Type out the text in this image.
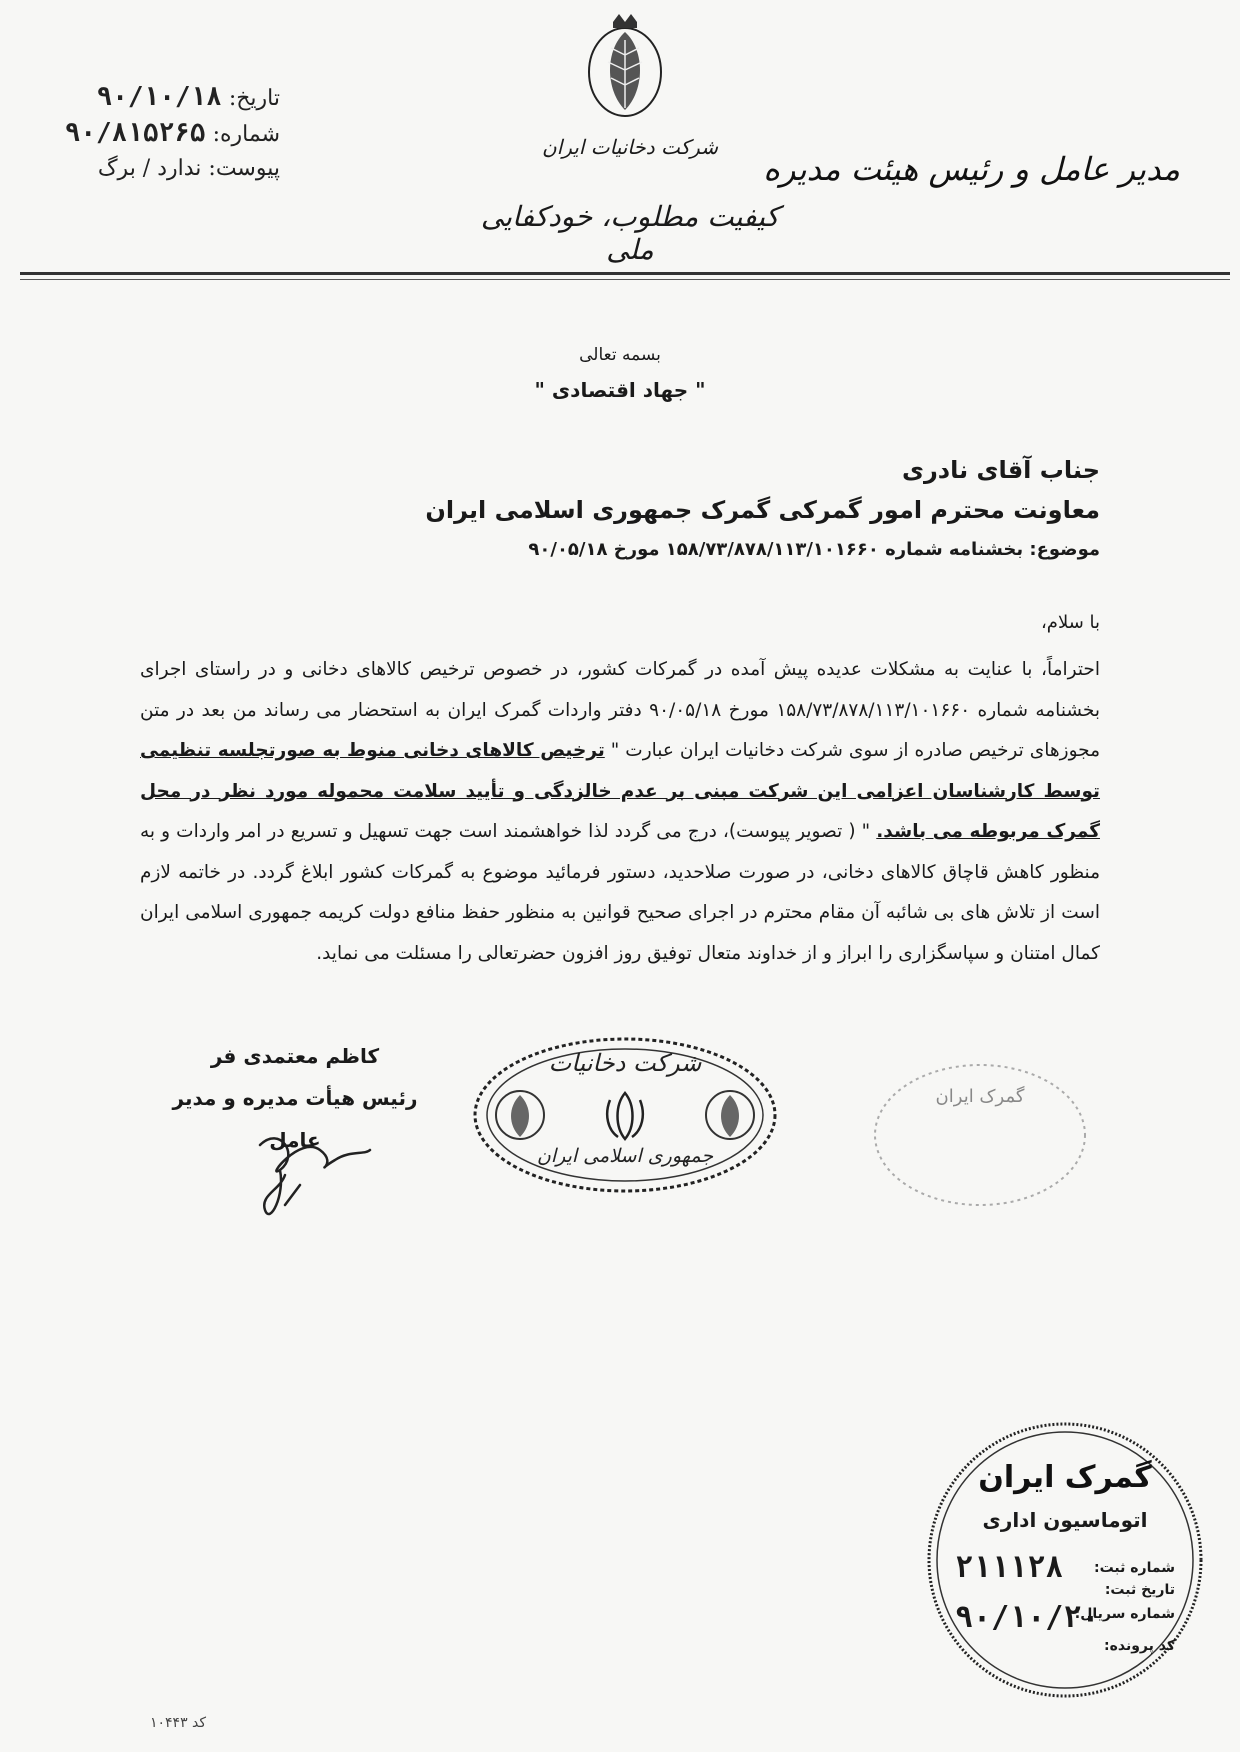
تاریخ: ۹۰/۱۰/۱۸
شماره: ۹۰/۸۱۵۲۶۵
پیوست: ندارد / برگ
شرکت دخانیات ایران
کیفیت مطلوب، خودکفایی ملی
مدیر عامل و رئیس هیئت مدیره
بسمه تعالی
" جهاد اقتصادی "
جناب آقای نادری
معاونت محترم امور گمرکی گمرک جمهوری اسلامی ایران
موضوع: بخشنامه شماره ۱۵۸/۷۳/۸۷۸/۱۱۳/۱۰۱۶۶۰ مورخ ۹۰/۰۵/۱۸
با سلام،
احتراماً، با عنایت به مشکلات عدیده پیش آمده در گمرکات کشور، در خصوص ترخیص کالاهای دخانی و در راستای اجرای بخشنامه شماره ۱۵۸/۷۳/۸۷۸/۱۱۳/۱۰۱۶۶۰ مورخ ۹۰/۰۵/۱۸ دفتر واردات گمرک ایران به استحضار می رساند من بعد در متن مجوزهای ترخیص صادره از سوی شرکت دخانیات ایران عبارت " ترخیص کالاهای دخانی منوط به صورتجلسه تنظیمی توسط کارشناسان اعزامی این شرکت مبنی بر عدم خالزدگی و تأیید سلامت محموله مورد نظر در محل گمرک مربوطه می باشد. " ( تصویر پیوست)، درج می گردد لذا خواهشمند است جهت تسهیل و تسریع در امر واردات و به منظور کاهش قاچاق کالاهای دخانی، در صورت صلاحدید، دستور فرمائید موضوع به گمرکات کشور ابلاغ گردد. در خاتمه لازم است از تلاش های بی شائبه آن مقام محترم در اجرای صحیح قوانین به منظور حفظ منافع دولت کریمه جمهوری اسلامی ایران کمال امتنان و سپاسگزاری را ابراز و از خداوند متعال توفیق روز افزون حضرتعالی را مسئلت می نماید.
کاظم معتمدی فر
رئیس هیأت مدیره و مدیر عامل
شرکت دخانیات
جمهوری اسلامی ایران
گمرک ایران
گمرک ایران
اتوماسیون اداری
شماره ثبت:
۲۱۱۱۲۸
تاریخ ثبت:
۹۰/۱۰/۲۰
شماره سریال:
کد پرونده:
کد ۱۰۴۴۳
